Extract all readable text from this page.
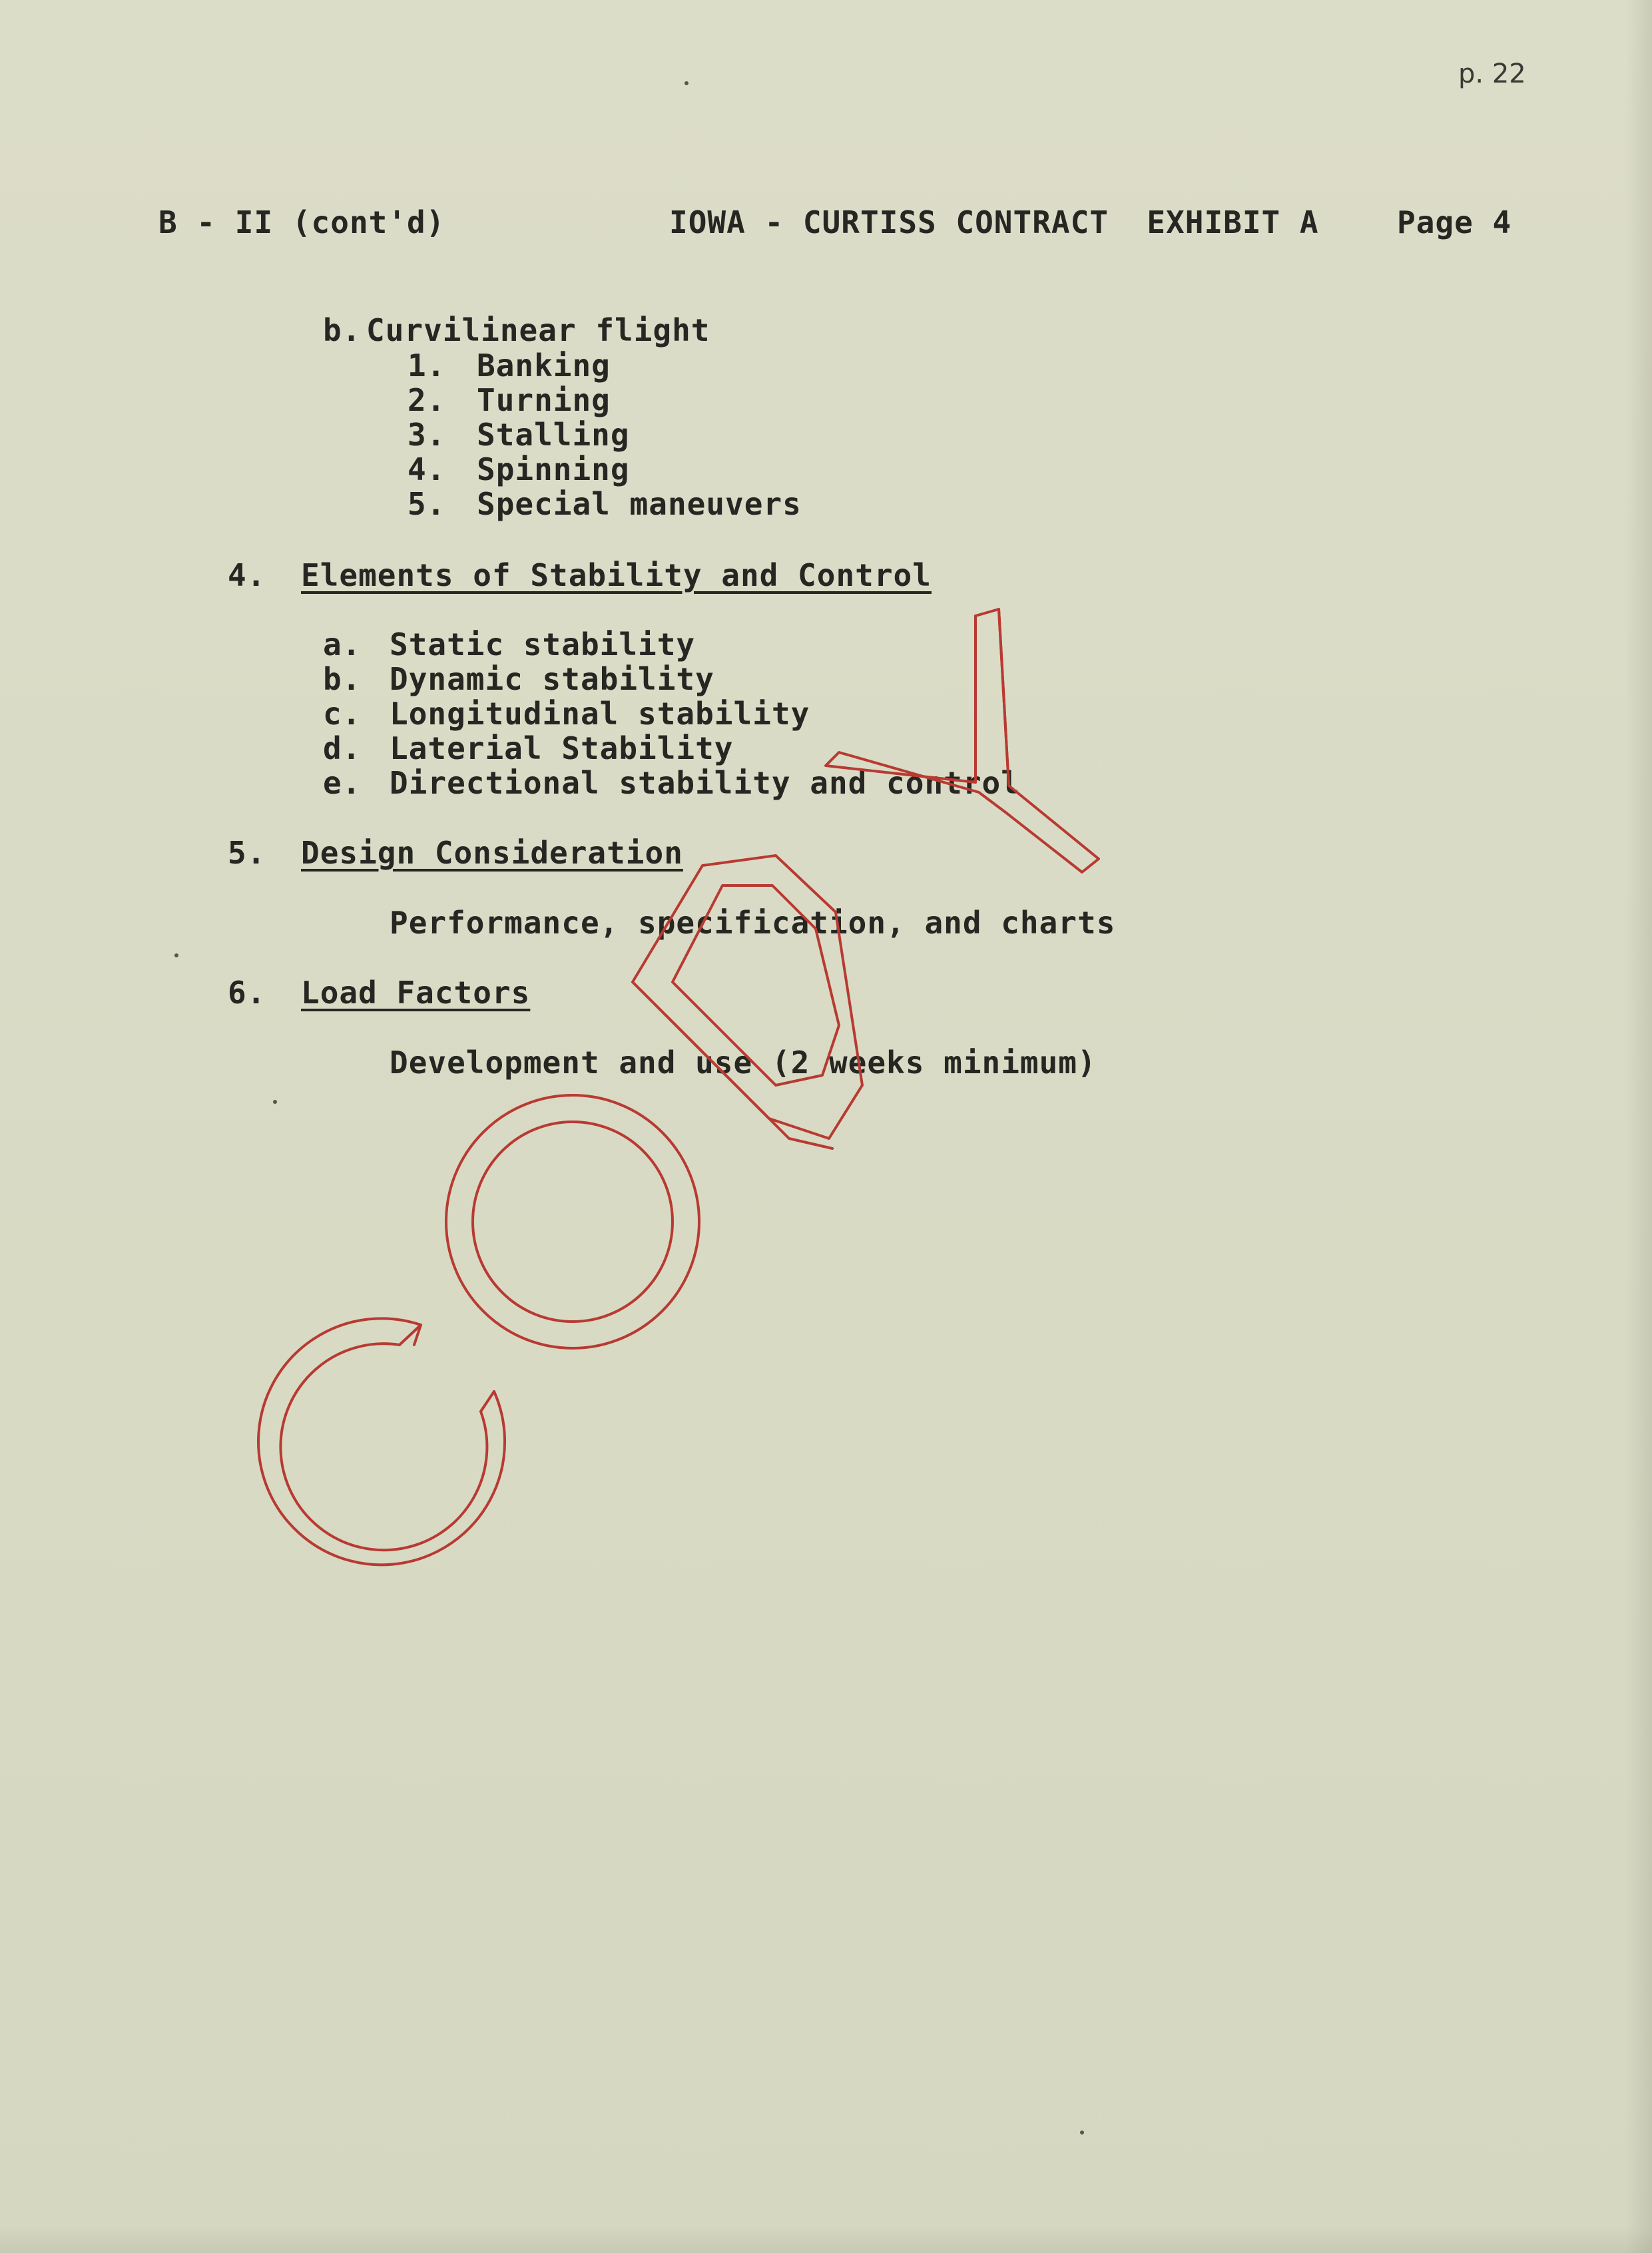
p. 22
B - II (cont'd)	IOWA - CURTISS CONTRACT  EXHIBIT A	Page 4
b. Curvilinear flight
1. Banking
2. Turning
3. Stalling
4. Spinning
5. Special maneuvers
4. Elements of Stability and Control
a. Static stability
b. Dynamic stability
c. Longitudinal stability
d. Laterial Stability
e. Directional stability and control
5. Design Consideration
Performance, specification, and charts
6. Load Factors
Development and use (2 weeks minimum)
